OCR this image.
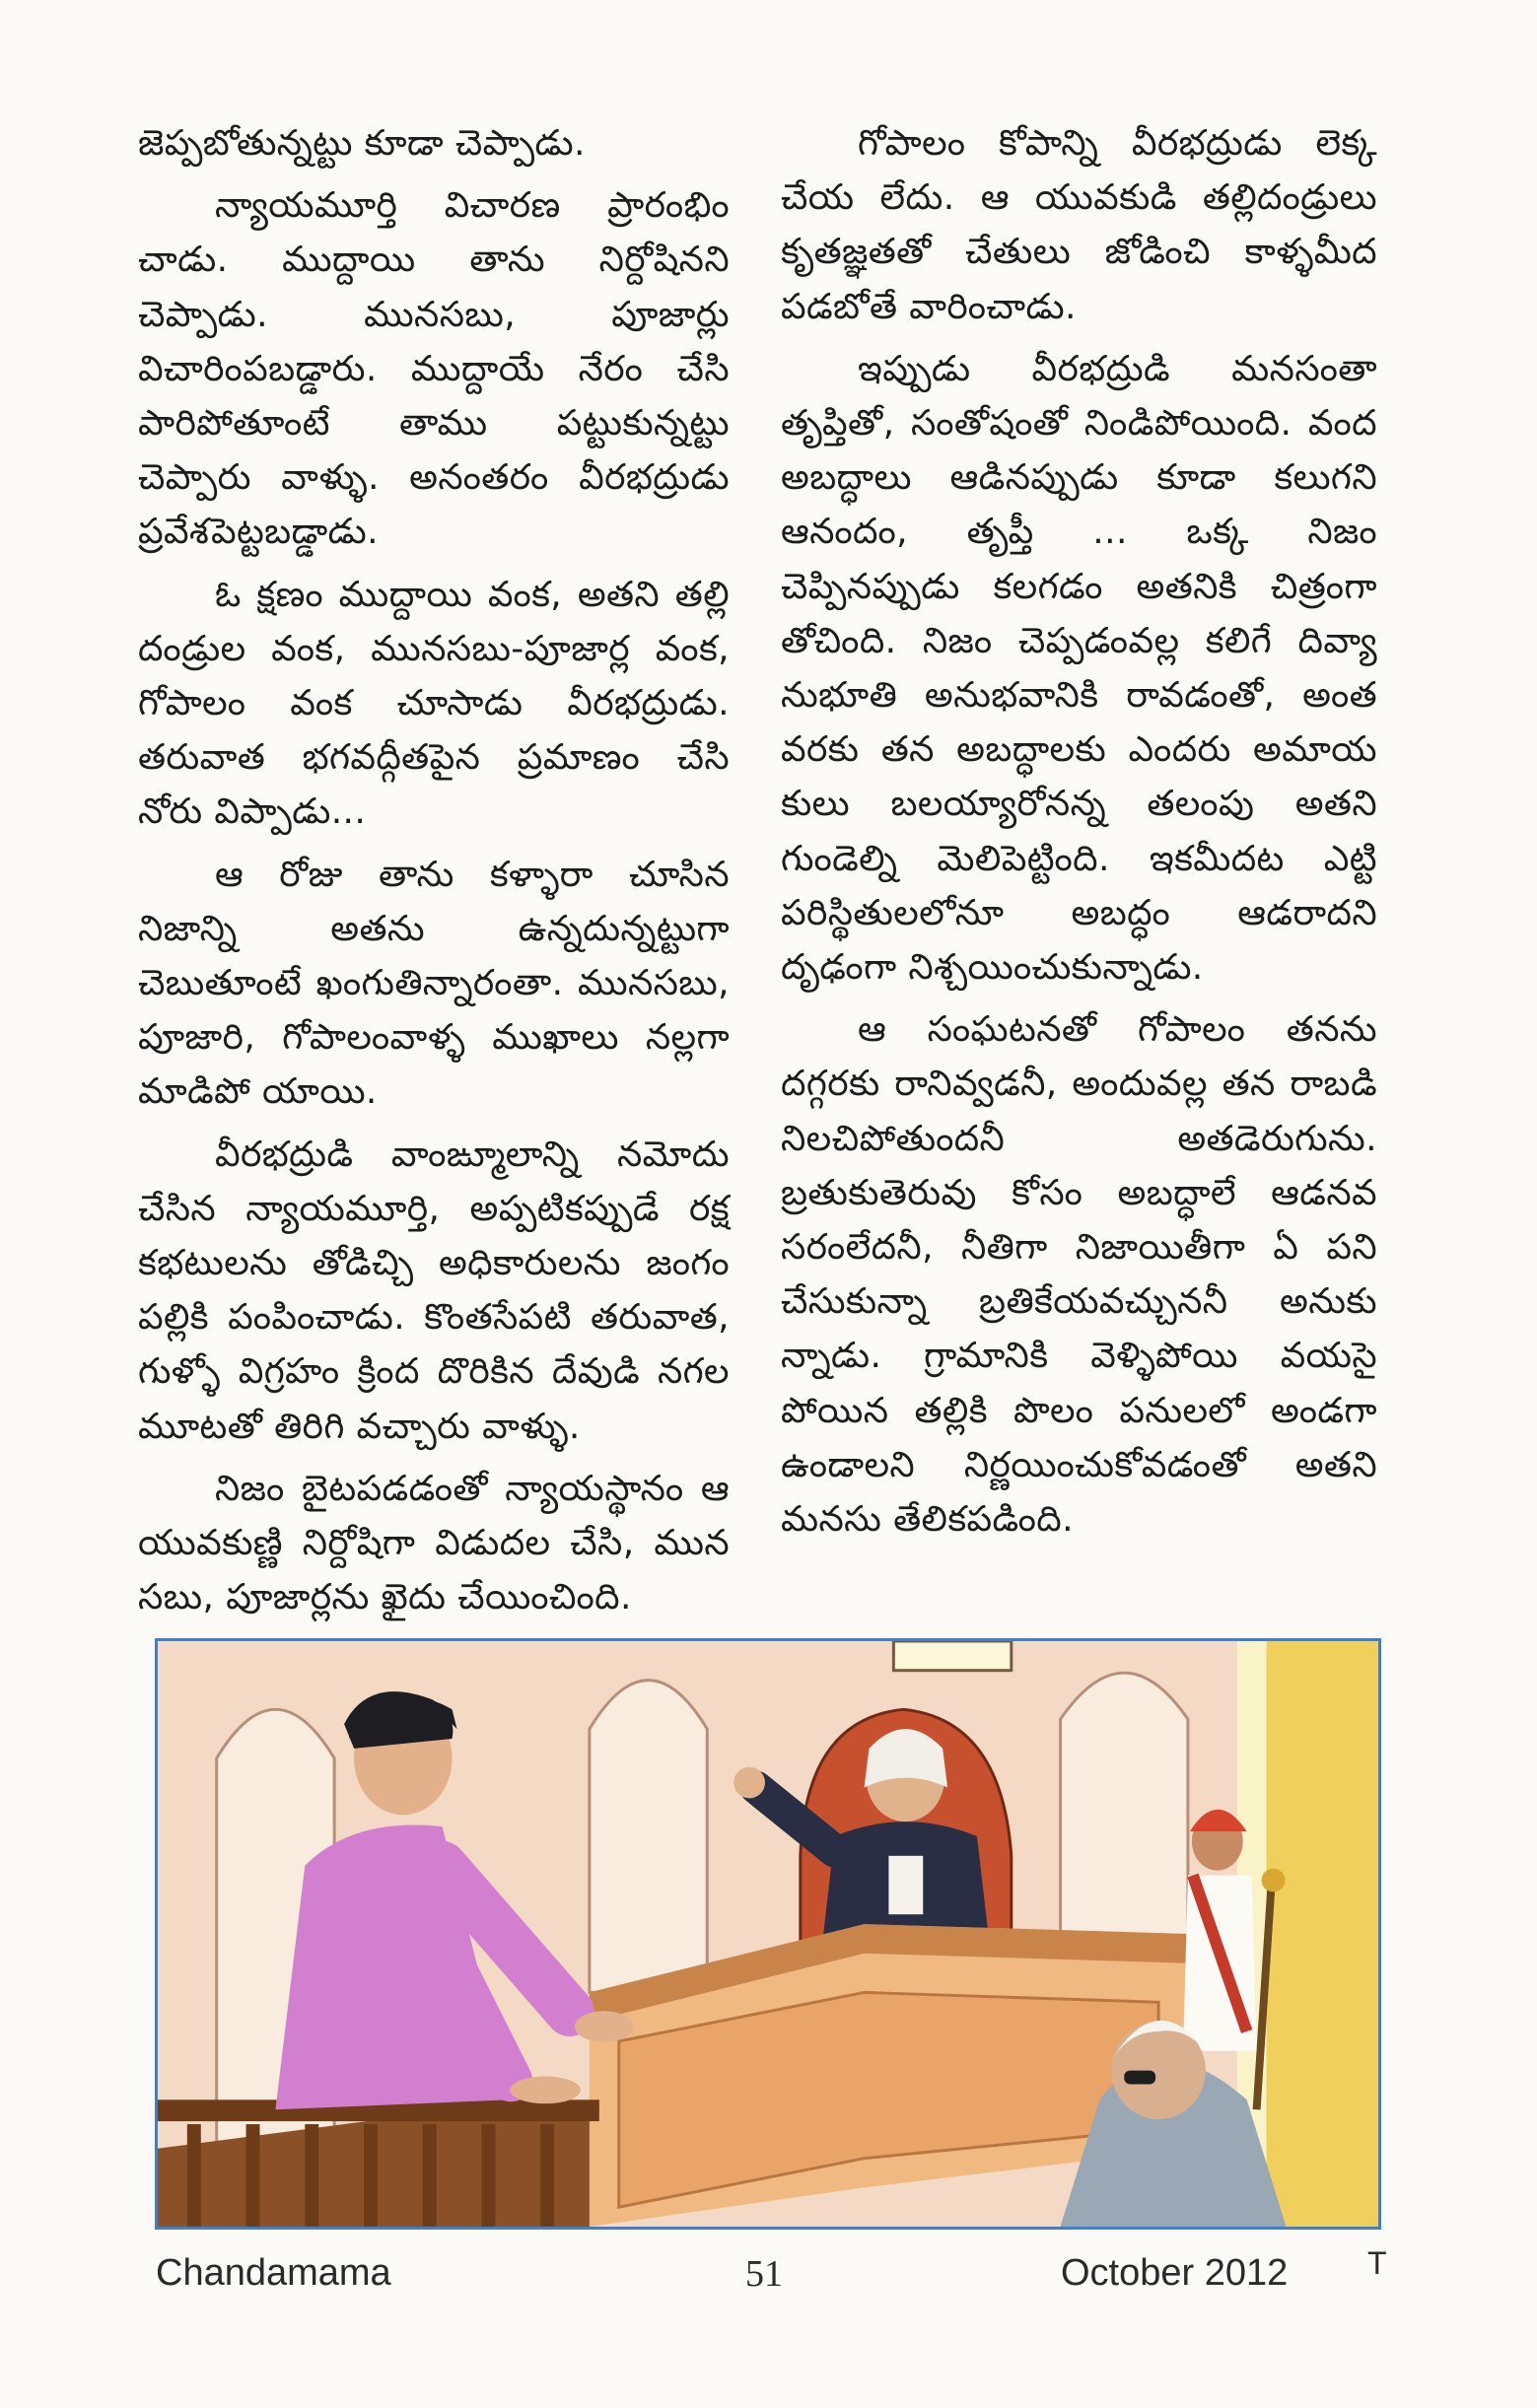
జెప్పబోతున్నట్టు కూడా చెప్పాడు.

న్యాయమూర్తి విచారణ ప్రారంభిం చాడు. ముద్దాయి తాను నిర్దోషినని చెప్పాడు. మునసబు, పూజార్లు విచారింపబడ్డారు. ముద్దాయే నేరం చేసి పారిపోతూంటే తాము పట్టుకున్నట్టు చెప్పారు వాళ్ళు. అనంతరం వీరభద్రుడు ప్రవేశపెట్టబడ్డాడు.

ఓ క్షణం ముద్దాయి వంక, అతని తల్లి దండ్రుల వంక, మునసబు-పూజార్ల వంక, గోపాలం వంక చూసాడు వీరభద్రుడు. తరువాత భగవద్గీతపైన ప్రమాణం చేసి నోరు విప్పాడు...

ఆ రోజు తాను కళ్ళారా చూసిన నిజాన్ని అతను ఉన్నదున్నట్టుగా చెబుతూంటే ఖంగుతిన్నారంతా. మునసబు, పూజారి, గోపాలంవాళ్ళ ముఖాలు నల్లగా మాడిపో యాయి.

వీరభద్రుడి వాంఙ్మూలాన్ని నమోదు చేసిన న్యాయమూర్తి, అప్పటికప్పుడే రక్ష కభటులను తోడిచ్చి అధికారులను జంగం పల్లికి పంపించాడు. కొంతసేపటి తరువాత, గుళ్ళో విగ్రహం క్రింద దొరికిన దేవుడి నగల మూటతో తిరిగి వచ్చారు వాళ్ళు.

నిజం బైటపడడంతో న్యాయస్థానం ఆ యువకుణ్ణి నిర్దోషిగా విడుదల చేసి, మున సబు, పూజార్లను ఖైదు చేయించింది.

గోపాలం కోపాన్ని వీరభద్రుడు లెక్క చేయ లేదు. ఆ యువకుడి తల్లిదండ్రులు కృతజ్ఞతతో చేతులు జోడించి కాళ్ళమీద పడబోతే వారించాడు.

ఇప్పుడు వీరభద్రుడి మనసంతా తృప్తితో, సంతోషంతో నిండిపోయింది. వంద అబద్ధాలు ఆడినప్పుడు కూడా కలుగని ఆనందం, తృప్తీ ... ఒక్క నిజం చెప్పినప్పుడు కలగడం అతనికి చిత్రంగా తోచింది. నిజం చెప్పడంవల్ల కలిగే దివ్యా నుభూతి అనుభవానికి రావడంతో, అంత వరకు తన అబద్ధాలకు ఎందరు అమాయ కులు బలయ్యారోనన్న తలంపు అతని గుండెల్ని మెలిపెట్టింది. ఇకమీదట ఎట్టి పరిస్థితులలోనూ అబద్ధం ఆడరాదని దృఢంగా నిశ్చయించుకున్నాడు.

ఆ సంఘటనతో గోపాలం తనను దగ్గరకు రానివ్వడనీ, అందువల్ల తన రాబడి నిలచిపోతుందనీ అతడెరుగును. బ్రతుకుతెరువు కోసం అబద్ధాలే ఆడనవ సరంలేదనీ, నీతిగా నిజాయితీగా ఏ పని చేసుకున్నా బ్రతికేయవచ్చుననీ అనుకు న్నాడు. గ్రామానికి వెళ్ళిపోయి వయసై పోయిన తల్లికి పొలం పనులలో అండగా ఉండాలని నిర్ణయించుకోవడంతో అతని మనసు తేలికపడింది.

Chandamama	51	October 2012	T
